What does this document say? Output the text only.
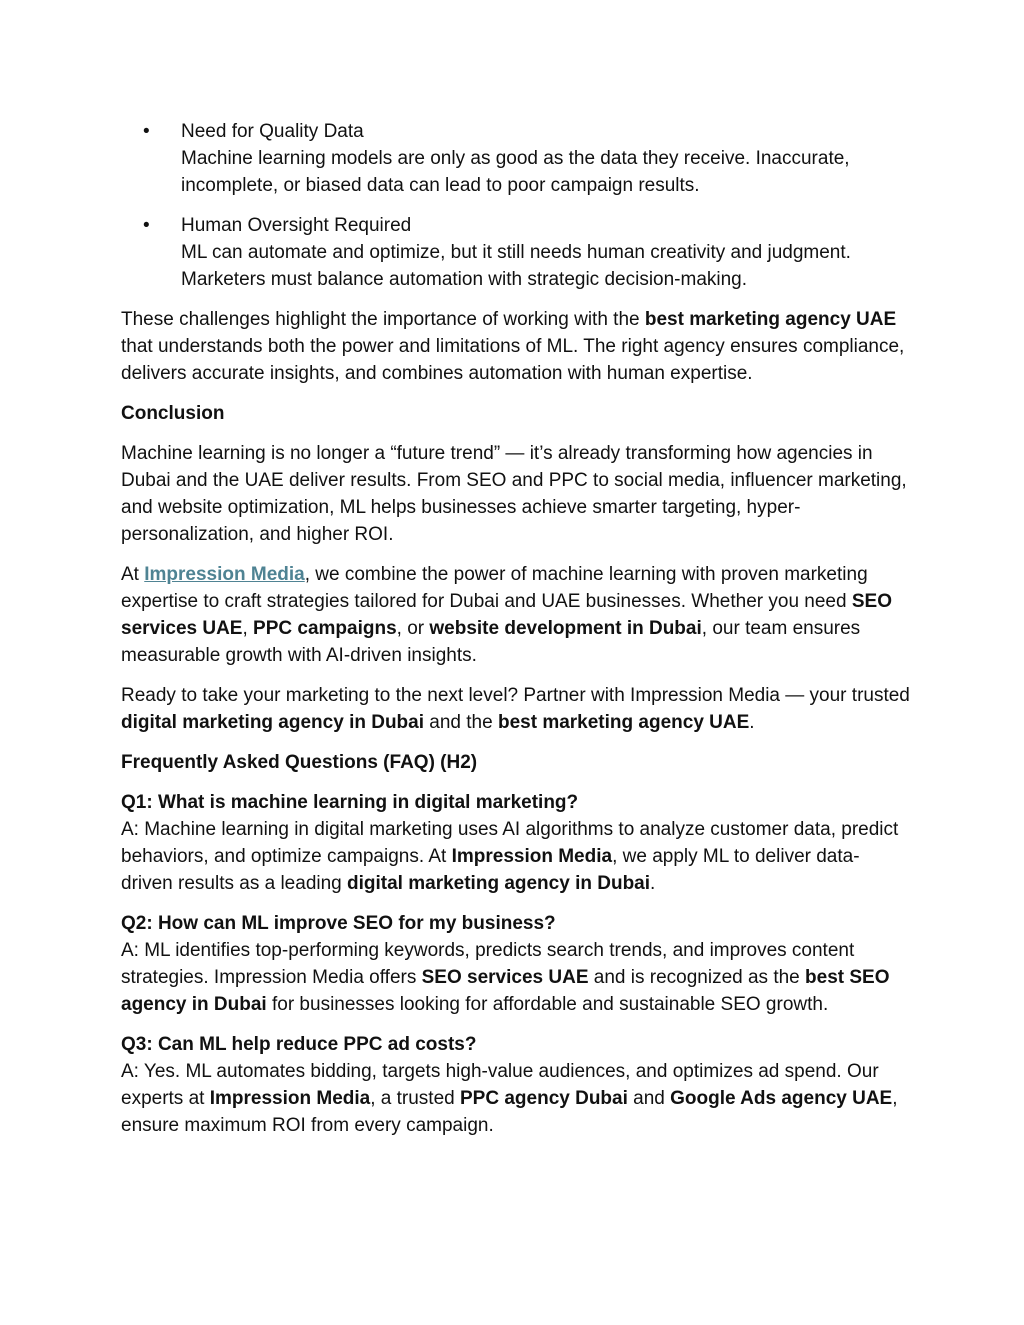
• Need for Quality Data
Machine learning models are only as good as the data they receive. Inaccurate, incomplete, or biased data can lead to poor campaign results.
• Human Oversight Required
ML can automate and optimize, but it still needs human creativity and judgment. Marketers must balance automation with strategic decision-making.

These challenges highlight the importance of working with the best marketing agency UAE that understands both the power and limitations of ML. The right agency ensures compliance, delivers accurate insights, and combines automation with human expertise.

Conclusion

Machine learning is no longer a “future trend” — it’s already transforming how agencies in Dubai and the UAE deliver results. From SEO and PPC to social media, influencer marketing, and website optimization, ML helps businesses achieve smarter targeting, hyper-personalization, and higher ROI.

At Impression Media, we combine the power of machine learning with proven marketing expertise to craft strategies tailored for Dubai and UAE businesses. Whether you need SEO services UAE, PPC campaigns, or website development in Dubai, our team ensures measurable growth with AI-driven insights.

Ready to take your marketing to the next level? Partner with Impression Media — your trusted digital marketing agency in Dubai and the best marketing agency UAE.

Frequently Asked Questions (FAQ) (H2)

Q1: What is machine learning in digital marketing?
A: Machine learning in digital marketing uses AI algorithms to analyze customer data, predict behaviors, and optimize campaigns. At Impression Media, we apply ML to deliver data-driven results as a leading digital marketing agency in Dubai.

Q2: How can ML improve SEO for my business?
A: ML identifies top-performing keywords, predicts search trends, and improves content strategies. Impression Media offers SEO services UAE and is recognized as the best SEO agency in Dubai for businesses looking for affordable and sustainable SEO growth.

Q3: Can ML help reduce PPC ad costs?
A: Yes. ML automates bidding, targets high-value audiences, and optimizes ad spend. Our experts at Impression Media, a trusted PPC agency Dubai and Google Ads agency UAE, ensure maximum ROI from every campaign.
